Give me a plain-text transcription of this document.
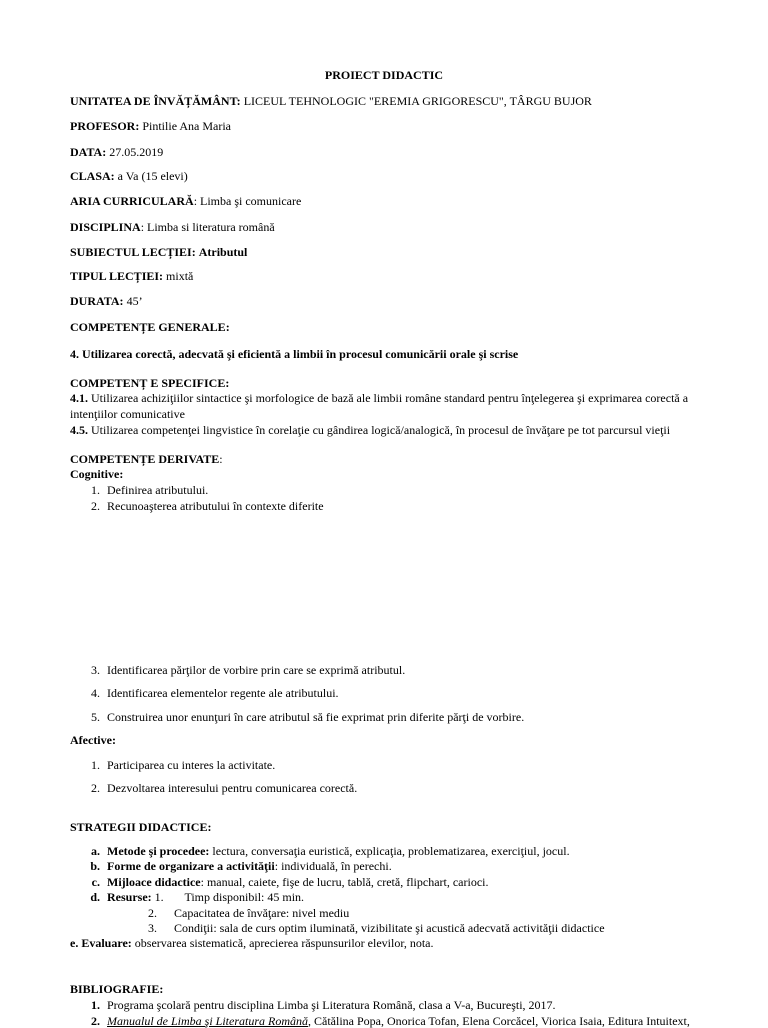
PROIECT DIDACTIC
UNITATEA DE ÎNVĂȚĂMÂNT: LICEUL TEHNOLOGIC "EREMIA GRIGORESCU", TÂRGU BUJOR
PROFESOR: Pintilie Ana Maria
DATA: 27.05.2019
CLASA: a Va (15 elevi)
ARIA CURRICULARĂ: Limba şi comunicare
DISCIPLINA: Limba si literatura română
SUBIECTUL LECȚIEI: Atributul
TIPUL LECȚIEI: mixtă
DURATA: 45’
COMPETENȚE GENERALE:
4. Utilizarea corectă, adecvată şi eficientă a limbii în procesul comunicării orale şi scrise
COMPETENȚ E SPECIFICE:
4.1. Utilizarea achiziţiilor sintactice şi morfologice de bază ale limbii române standard pentru înţelegerea şi exprimarea corectă a
intenţiilor comunicative
4.5. Utilizarea competenţei lingvistice în corelaţie cu gândirea logică/analogică, în procesul de învăţare pe tot parcursul vieţii
COMPETENȚE DERIVATE:
Cognitive:
1. Definirea atributului.
2. Recunoaşterea atributului în contexte diferite
3. Identificarea părţilor de vorbire prin care se exprimă atributul.
4. Identificarea elementelor regente ale atributului.
5. Construirea unor enunţuri în care atributul să fie exprimat prin diferite părţi de vorbire.
Afective:
1. Participarea cu interes la activitate.
2. Dezvoltarea interesului pentru comunicarea corectă.
STRATEGII DIDACTICE:
a. Metode şi procedee: lectura, conversaţia euristică, explicaţia, problematizarea, exerciţiul, jocul.
b. Forme de organizare a activităţii: individuală, în perechi.
c. Mijloace didactice: manual, caiete, fişe de lucru, tablă, cretă, flipchart, carioci.
d. Resurse: 1.       Timp disponibil: 45 min.
2. Capacitatea de învăţare: nivel mediu
3. Condiţii: sala de curs optim iluminată, vizibilitate şi acustică adecvată activităţii didactice
e. Evaluare: observarea sistematică, aprecierea răspunsurilor elevilor, nota.
BIBLIOGRAFIE:
1. Programa şcolară pentru disciplina Limba şi Literatura Română, clasa a V-a, Bucureşti, 2017.
2. Manualul de Limba şi Literatura Română, Cătălina Popa, Onorica Tofan, Elena Corcăcel, Viorica Isaia, Editura Intuitext,
